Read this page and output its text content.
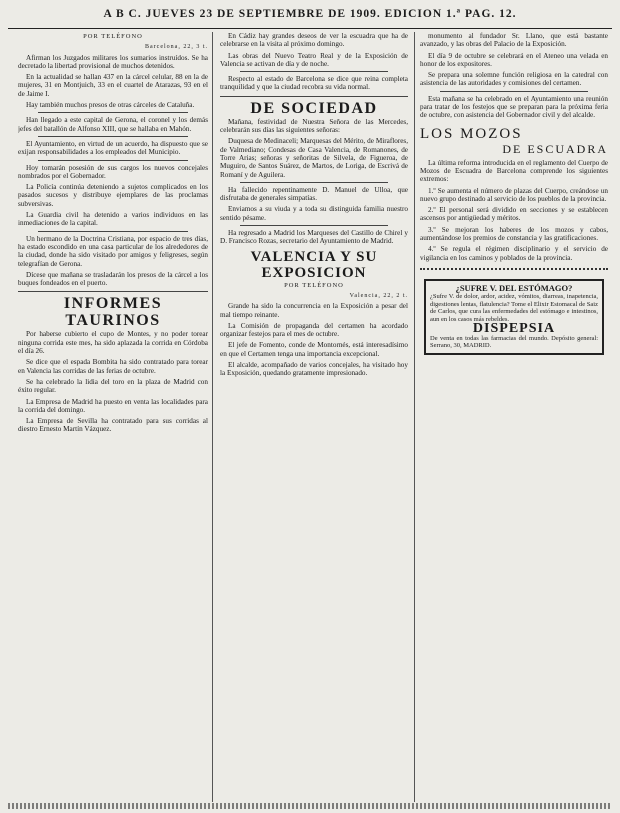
A B C. JUEVES 23 DE SEPTIEMBRE DE 1909. EDICION 1.ª PAG. 12.
POR TELÉFONO
Barcelona, 22, 3 t.

Afirman los Juzgados militares los sumarios instruídos. Se ha decretado la libertad provisional de muchos detenidos.

En la actualidad se hallan 437 en la cárcel celular, 88 en la de mujeres, 31 en Montjuich, 33 en el cuartel de Atarazas, 93 en el de Jaime I.

Hay también muchos presos de otras cárceles de Cataluña.

Han llegado a este capital de Gerona, el coronel y los demás jefes del batallón de Alfonso XIII, que se hallaba en Mahón.

El Ayuntamiento, en virtud de un acuerdo, ha dispuesto que se exijan responsabilidades a los empleados del Municipio.

Hoy tomarán posesión de sus cargos los nuevos concejales nombrados por el Gobernador.

La Policía continúa deteniendo a sujetos complicados en los pasados sucesos y distribuye ejemplares de las proclamas subversivas.

La Guardia civil ha detenido a varios individuos en las inmediaciones de la capital.

Un hermano de la Doctrina Cristiana, por espacio de tres días, ha estado escondido en una casa particular de los alrededores de la ciudad, donde ha sido visitado por amigos y feligreses, según telegrafían de Gerona.

Dícese que mañana se trasladarán los presos de la cárcel a los buques fondeados en el puerto.

INFORMES TAURINOS

Por haberse cubierto el cupo de Montes, y no poder torear ninguna corrida este mes, ha sido aplazada la corrida en Córdoba el día 26.

Se dice que el espada Bombita ha sido contratado para torear en Valencia las corridas de las ferias de octubre.

Se ha celebrado la lidia del toro en la plaza de Madrid con éxito regular.

La Empresa de Madrid ha puesto en venta las localidades para la corrida del domingo.

La Empresa de Sevilla ha contratado para sus corridas al diestro Ernesto Martín Vázquez.

En Cádiz hay grandes deseos de ver la escuadra que ha de celebrarse en la visita al próximo domingo.

Las obras del Nuevo Teatro Real y de la Exposición de Valencia se activan de día y de noche.

Respecto al estado de Barcelona se dice que reina completa tranquilidad y que la ciudad recobra su vida normal.

DE SOCIEDAD

Mañana, festividad de Nuestra Señora de las Mercedes, celebrarán sus días las siguientes señoras:

Duquesa de Medinaceli; Marquesas del Mérito, de Miraflores, de Valmediano; Condesas de Casa Valencia, de Romanones, de Torre Arias; señoras y señoritas de Silvela, de Figueroa, de Muguiro, de Santos Suárez, de Martos, de Loriga, de Escrivá de Romaní y de Aguilera.

Ha fallecido repentinamente D. Manuel de Ulloa, que disfrutaba de generales simpatías.

Enviamos a su viuda y a toda su distinguida familia nuestro sentido pésame.

Ha regresado a Madrid los Marqueses del Castillo de Chirel y D. Francisco Rozas, secretario del Ayuntamiento de Madrid.

VALENCIA Y SU EXPOSICION
POR TELÉFONO
Valencia, 22, 2 t.

Grande ha sido la concurrencia en la Exposición a pesar del mal tiempo reinante.

La Comisión de propaganda del certamen ha acordado organizar festejos para el mes de octubre.

El jefe de Fomento, conde de Montornés, está interesadísimo en que el Certamen tenga una importancia excepcional.

El alcalde, acompañado de varios concejales, ha visitado hoy la Exposición, quedando gratamente impresionado.

monumento al fundador Sr. Llano, que está bastante avanzado, y las obras del Palacio de la Exposición.

El día 9 de octubre se celebrará en el Ateneo una velada en honor de los expositores.

Se prepara una solemne función religiosa en la catedral con asistencia de las autoridades y comisiones del certamen.

Esta mañana se ha celebrado en el Ayuntamiento una reunión para tratar de los festejos que se preparan para la próxima feria de octubre, con asistencia del Gobernador civil y del alcalde.

LOS MOZOS
DE ESCUADRA

La última reforma introducida en el reglamento del Cuerpo de Mozos de Escuadra de Barcelona comprende los siguientes extremos:

1.º Se aumenta el número de plazas del Cuerpo, creándose un nuevo grupo destinado al servicio de los pueblos de la provincia.

2.º El personal será dividido en secciones y se establecen ascensos por antigüedad y méritos.

3.º Se mejoran los haberes de los mozos y cabos, aumentándose los premios de constancia y las gratificaciones.

4.º Se regula el régimen disciplinario y el servicio de vigilancia en los caminos y poblados de la provincia.

¿SUFRE V. DEL ESTÓMAGO?
¿Sufre V. de dolor, ardor, acidez, vómitos, diarreas, inapetencia, digestiones lentas, flatulencia? Tome el Elixir Estomacal de Saiz de Carlos, que cura las enfermedades del estómago e intestinos, aun en los casos más rebeldes.
DISPEPSIA
De venta en todas las farmacias del mundo. Depósito general: Serrano, 30, MADRID.
